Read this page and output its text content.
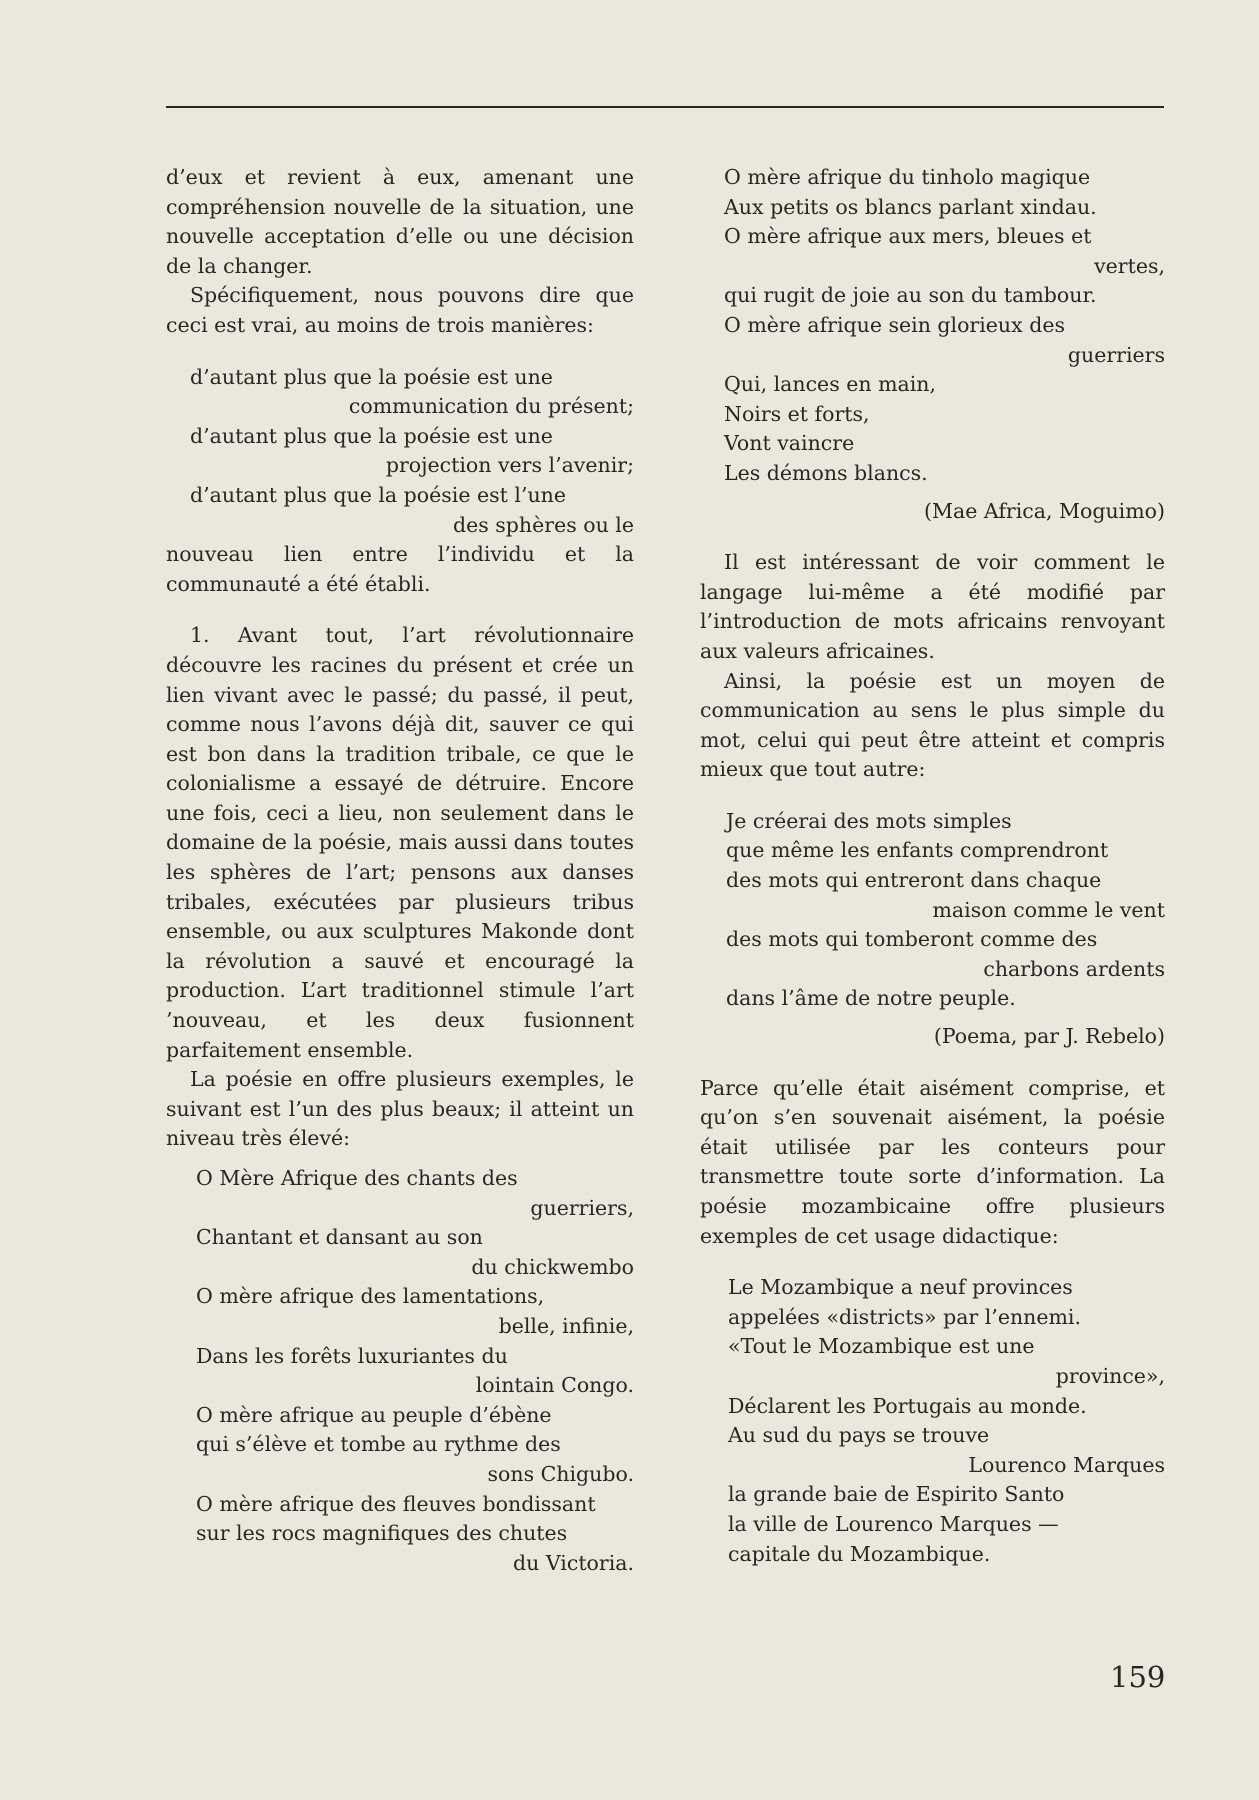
d’eux et revient à eux, amenant une compréhension nouvelle de la situation, une nouvelle acceptation d’elle ou une décision de la changer.

Spécifiquement, nous pouvons dire que ceci est vrai, au moins de trois manières:

d’autant plus que la poésie est une
communication du présent;
d’autant plus que la poésie est une
projection vers l’avenir;
d’autant plus que la poésie est l’une
des sphères ou le

nouveau lien entre l’individu et la communauté a été établi.

1. Avant tout, l’art révolutionnaire découvre les racines du présent et crée un lien vivant avec le passé; du passé, il peut, comme nous l’avons déjà dit, sauver ce qui est bon dans la tradition tribale, ce que le colonialisme a essayé de détruire. Encore une fois, ceci a lieu, non seulement dans le domaine de la poésie, mais aussi dans toutes les sphères de l’art; pensons aux danses tribales, exécutées par plusieurs tribus ensemble, ou aux sculptures Makonde dont la révolution a sauvé et encouragé la production. L’art traditionnel stimule l’art ’nouveau, et les deux fusionnent parfaitement ensemble.

La poésie en offre plusieurs exemples, le suivant est l’un des plus beaux; il atteint un niveau très élevé:

O Mère Afrique des chants des
guerriers,
Chantant et dansant au son
du chickwembo
O mère afrique des lamentations,
belle, infinie,
Dans les forêts luxuriantes du
lointain Congo.
O mère afrique au peuple d’ébène
qui s’élève et tombe au rythme des
sons Chigubo.
O mère afrique des fleuves bondissant
sur les rocs magnifiques des chutes
du Victoria.
O mère afrique du tinholo magique
Aux petits os blancs parlant xindau.
O mère afrique aux mers, bleues et
vertes,
qui rugit de joie au son du tambour.
O mère afrique sein glorieux des
guerriers
Qui, lances en main,
Noirs et forts,
Vont vaincre
Les démons blancs.
(Mae Africa, Moguimo)

Il est intéressant de voir comment le langage lui-même a été modifié par l’introduction de mots africains renvoyant aux valeurs africaines.

Ainsi, la poésie est un moyen de communication au sens le plus simple du mot, celui qui peut être atteint et compris mieux que tout autre:

Je créerai des mots simples
que même les enfants comprendront
des mots qui entreront dans chaque
maison comme le vent
des mots qui tomberont comme des
charbons ardents
dans l’âme de notre peuple.
(Poema, par J. Rebelo)

Parce qu’elle était aisément comprise, et qu’on s’en souvenait aisément, la poésie était utilisée par les conteurs pour transmettre toute sorte d’information. La poésie mozambicaine offre plusieurs exemples de cet usage didactique:

Le Mozambique a neuf provinces
appelées «districts» par l’ennemi.
«Tout le Mozambique est une
province»,
Déclarent les Portugais au monde.
Au sud du pays se trouve
Lourenco Marques
la grande baie de Espirito Santo
la ville de Lourenco Marques —
capitale du Mozambique.
159
